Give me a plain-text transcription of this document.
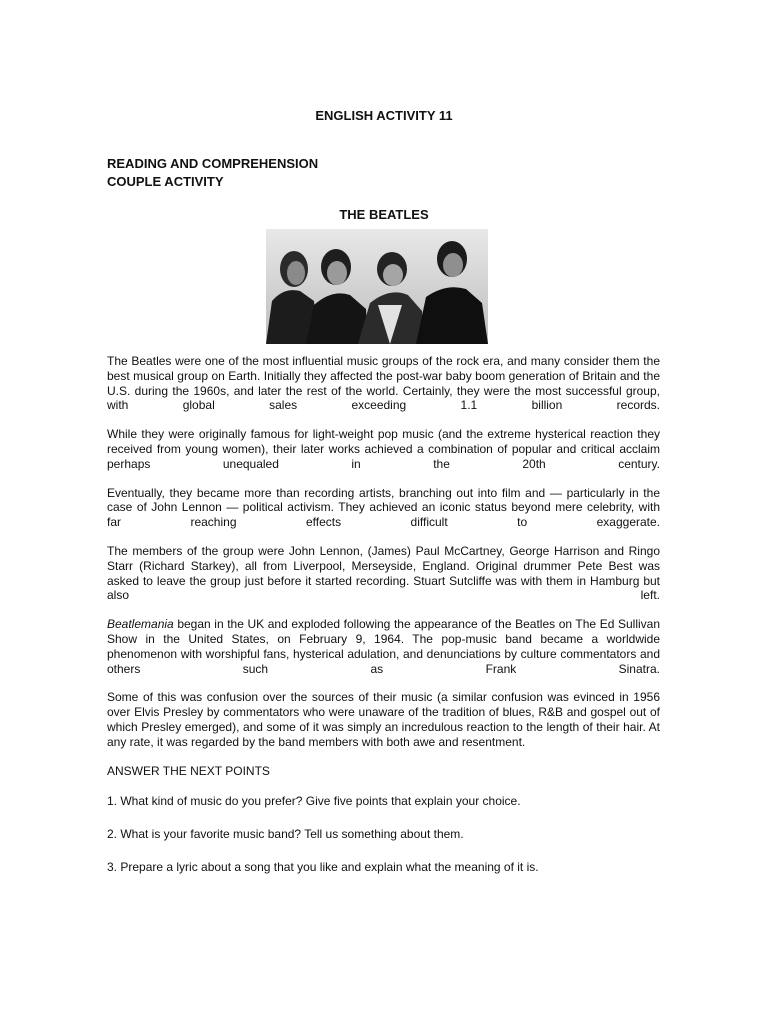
ENGLISH ACTIVITY 11
READING AND COMPREHENSION
COUPLE ACTIVITY
THE BEATLES

The Beatles were one of the most influential music groups of the rock era, and many consider them the best musical group on Earth. Initially they affected the post-war baby boom generation of Britain and the U.S. during the 1960s, and later the rest of the world. Certainly, they were the most successful group, with global sales exceeding 1.1 billion records.

While they were originally famous for light-weight pop music (and the extreme hysterical reaction they received from young women), their later works achieved a combination of popular and critical acclaim perhaps unequaled in the 20th century.

Eventually, they became more than recording artists, branching out into film and — particularly in the case of John Lennon — political activism. They achieved an iconic status beyond mere celebrity, with far reaching effects difficult to exaggerate.

The members of the group were John Lennon, (James) Paul McCartney, George Harrison and Ringo Starr (Richard Starkey), all from Liverpool, Merseyside, England. Original drummer Pete Best was asked to leave the group just before it started recording. Stuart Sutcliffe was with them in Hamburg but also left.

Beatlemania began in the UK and exploded following the appearance of the Beatles on The Ed Sullivan Show in the United States, on February 9, 1964. The pop-music band became a worldwide phenomenon with worshipful fans, hysterical adulation, and denunciations by culture commentators and others such as Frank Sinatra.

Some of this was confusion over the sources of their music (a similar confusion was evinced in 1956 over Elvis Presley by commentators who were unaware of the tradition of blues, R&B and gospel out of which Presley emerged), and some of it was simply an incredulous reaction to the length of their hair. At any rate, it was regarded by the band members with both awe and resentment.

ANSWER THE NEXT POINTS
1. What kind of music do you prefer? Give five points that explain your choice.
2. What is your favorite music band? Tell us something about them.
3. Prepare a lyric about a song that you like and explain what the meaning of it is.
